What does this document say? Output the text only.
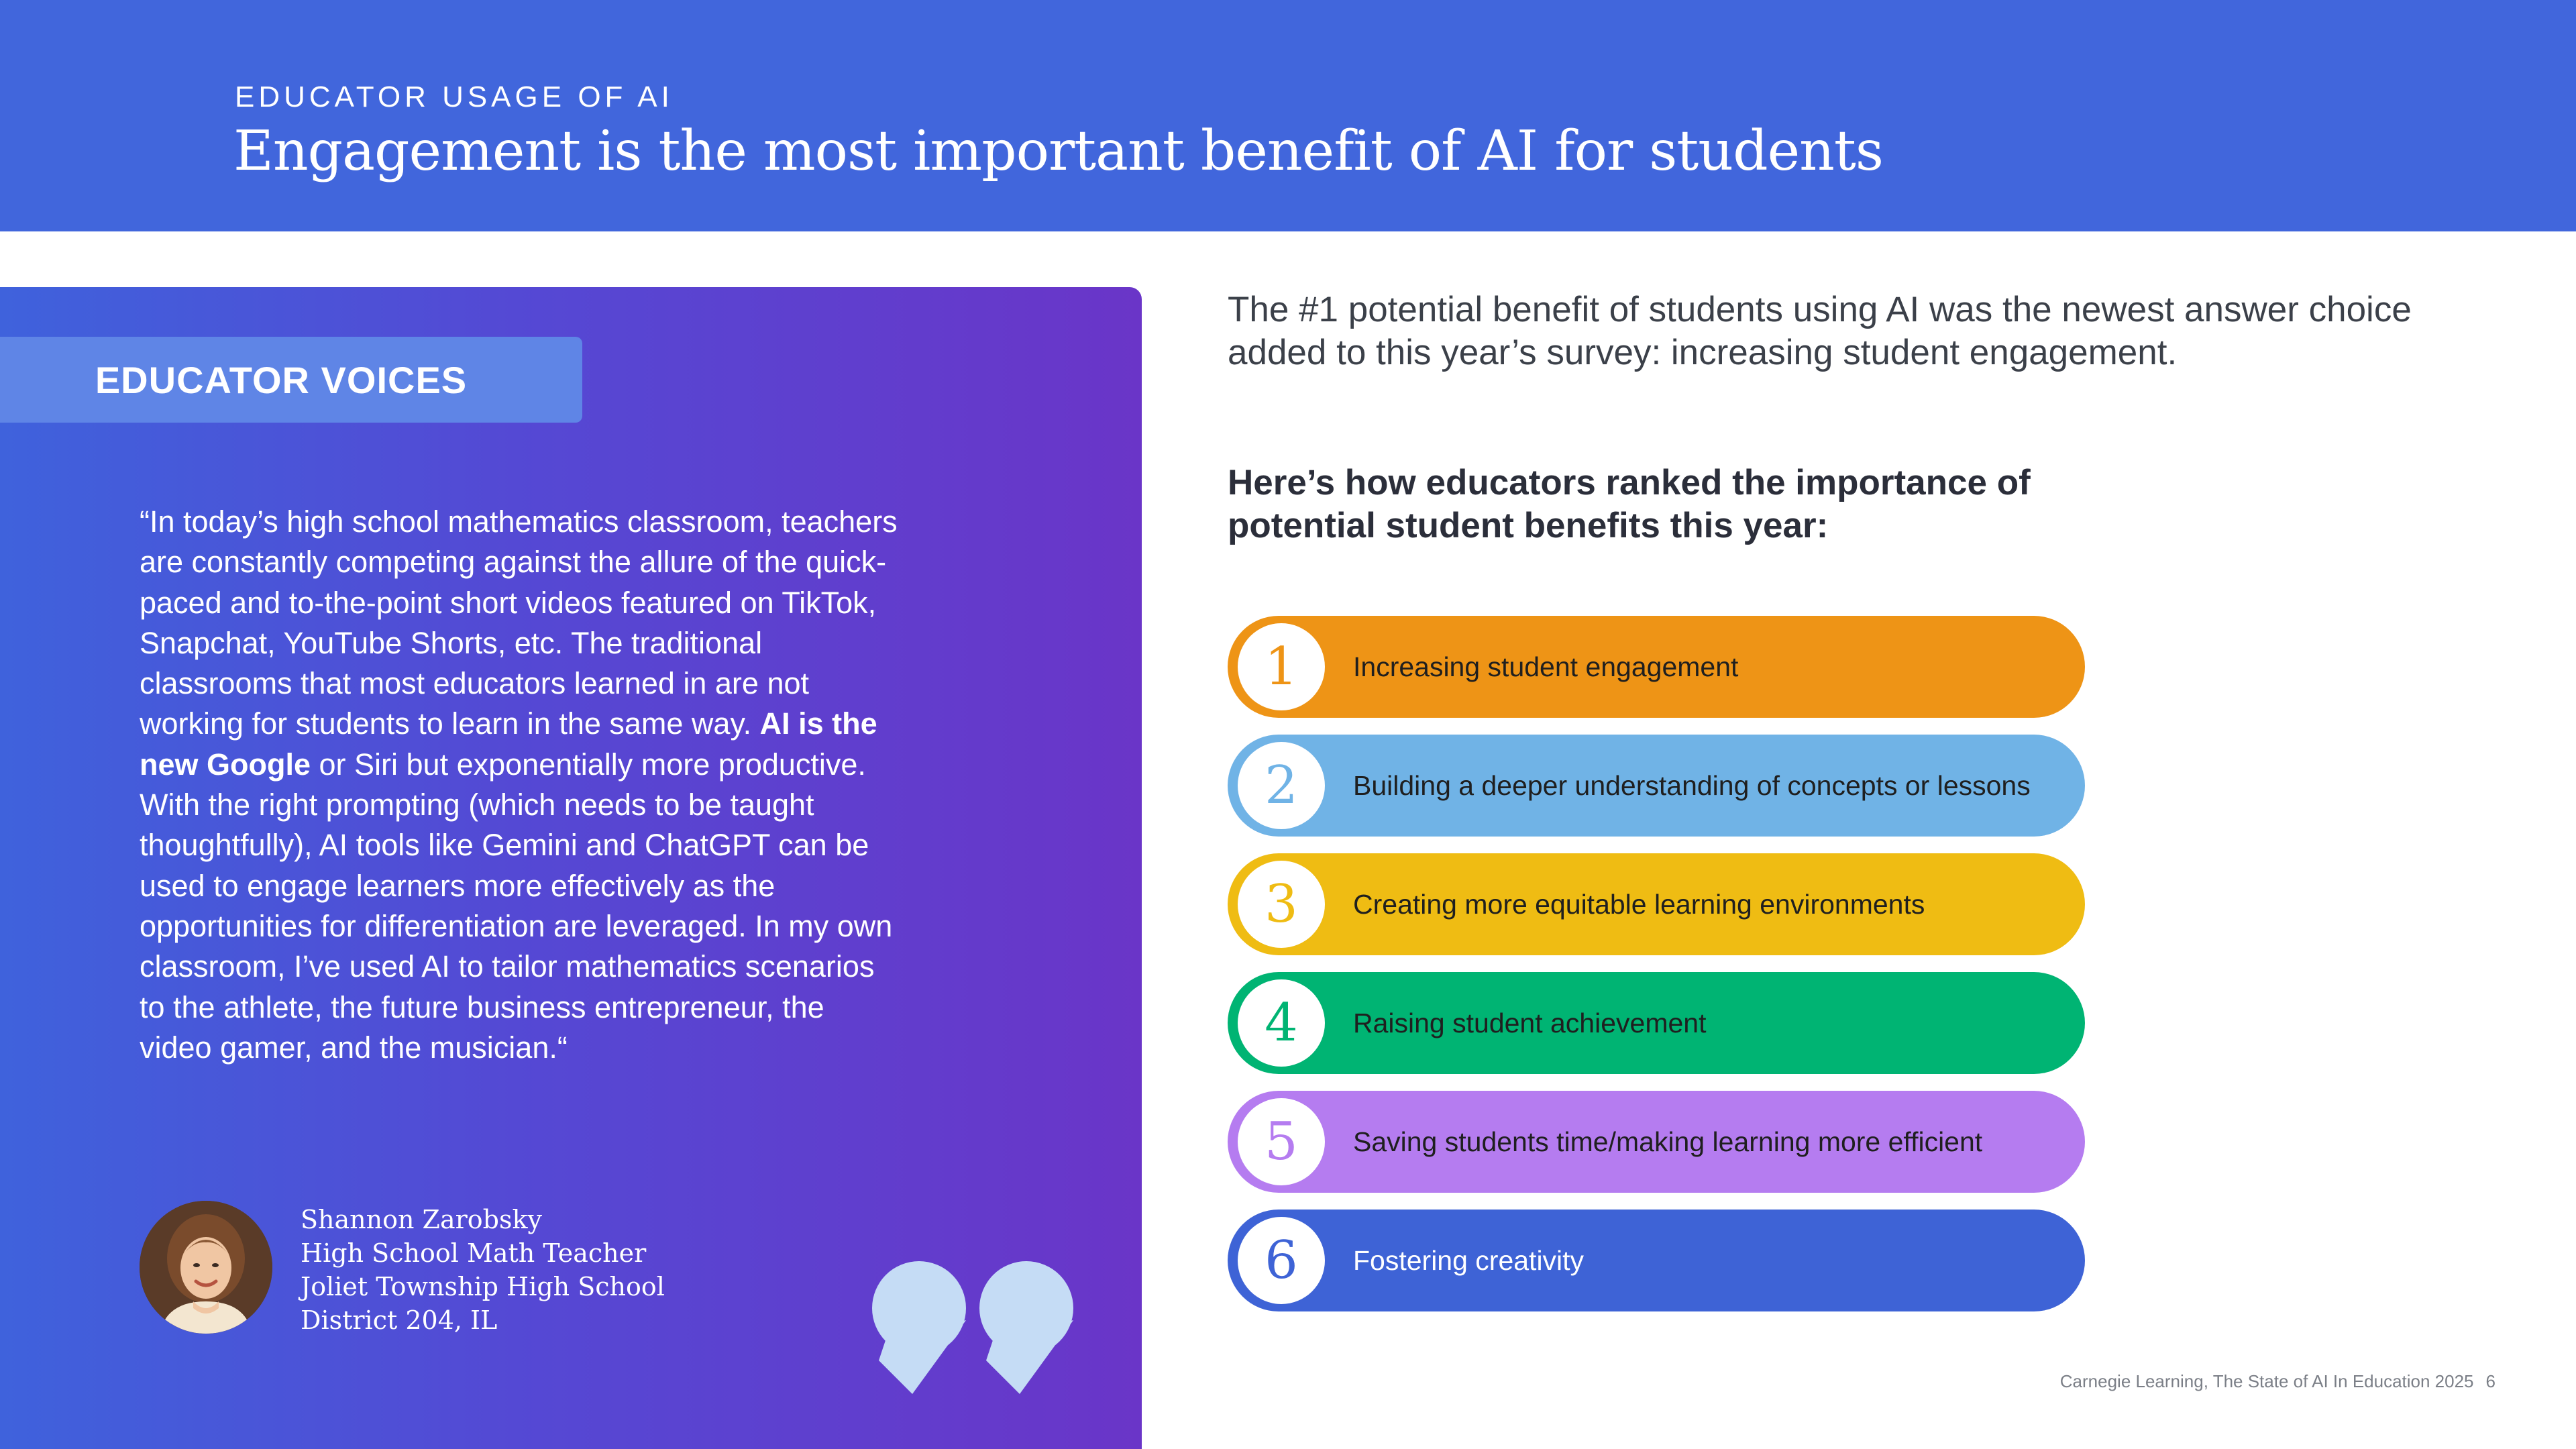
EDUCATOR USAGE OF AI
Engagement is the most important benefit of AI for students
EDUCATOR VOICES
“In today’s high school mathematics classroom, teachers are constantly competing against the allure of the quick-paced and to-the-point short videos featured on TikTok, Snapchat, YouTube Shorts, etc. The traditional classrooms that most educators learned in are not working for students to learn in the same way. AI is the new Google or Siri but exponentially more productive. With the right prompting (which needs to be taught thoughtfully), AI tools like Gemini and ChatGPT can be used to engage learners more effectively as the opportunities for differentiation are leveraged. In my own classroom, I’ve used AI to tailor mathematics scenarios to the athlete, the future business entrepreneur, the video gamer, and the musician.“
Shannon Zarobsky
High School Math Teacher
Joliet Township High School
District 204, IL
The #1 potential benefit of students using AI was the newest answer choice added to this year’s survey: increasing student engagement.
Here’s how educators ranked the importance of potential student benefits this year:
1	Increasing student engagement
2	Building a deeper understanding of concepts or lessons
3	Creating more equitable learning environments
4	Raising student achievement
5	Saving students time/making learning more efficient
6	Fostering creativity
Carnegie Learning, The State of AI In Education 2025 6
